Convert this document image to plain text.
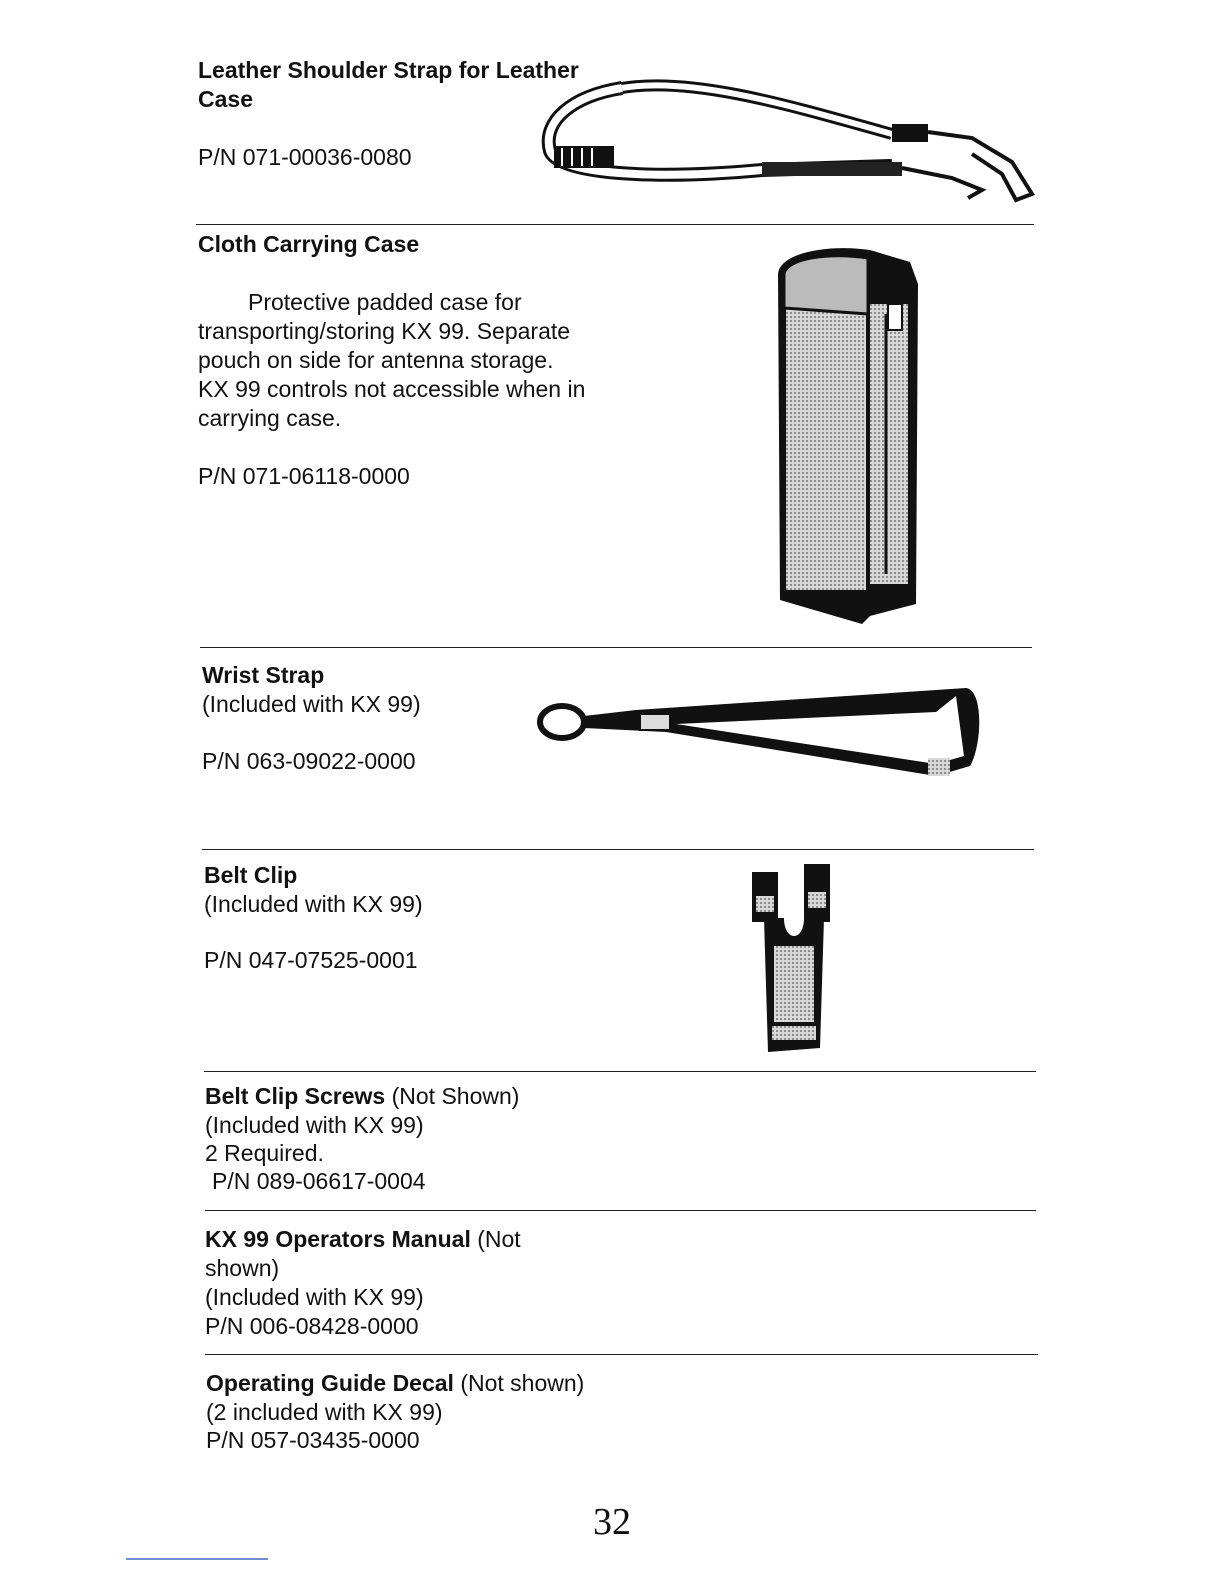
Leather Shoulder Strap for Leather
Case
P/N 071-00036-0080
Cloth Carrying Case
Protective padded case for
transporting/storing KX 99. Separate
pouch on side for antenna storage.
KX 99 controls not accessible when in
carrying case.
P/N 071-06118-0000
Wrist Strap
(Included with KX 99)
P/N 063-09022-0000
Belt Clip
(Included with KX 99)
P/N 047-07525-0001
Belt Clip Screws (Not Shown)
(Included with KX 99)
2 Required.
P/N 089-06617-0004
KX 99 Operators Manual (Not
shown)
(Included with KX 99)
P/N 006-08428-0000
Operating Guide Decal (Not shown)
(2 included with KX 99)
P/N 057-03435-0000
32
